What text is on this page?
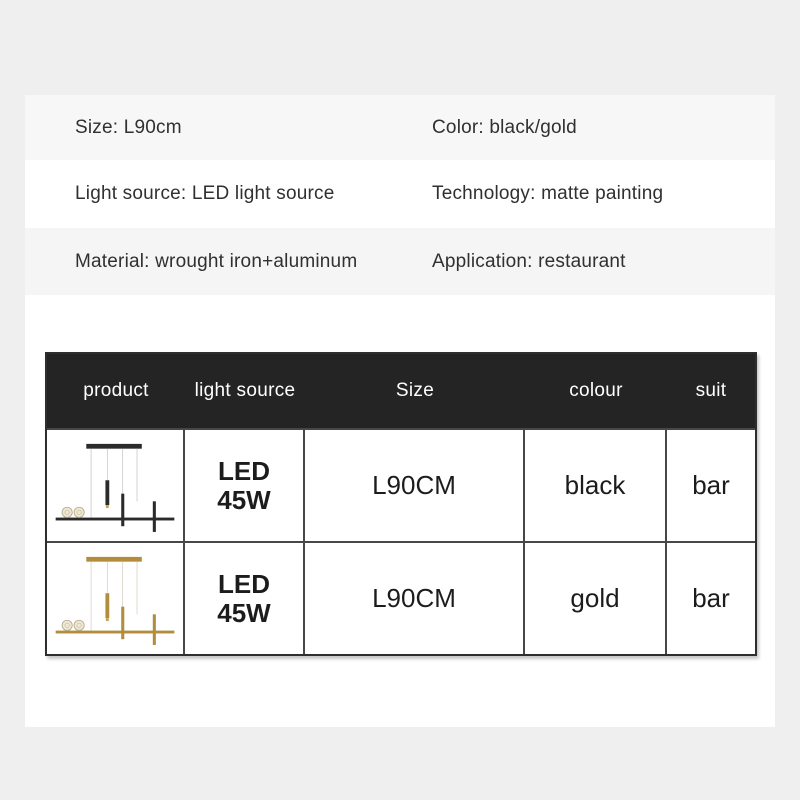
Size: L90cm	Color: black/gold
Light source: LED light source	Technology: matte painting
Material: wrought iron+aluminum	Application: restaurant
product	light source	Size	colour	suit
LED
45W	L90CM	black	bar
LED
45W	L90CM	gold	bar
